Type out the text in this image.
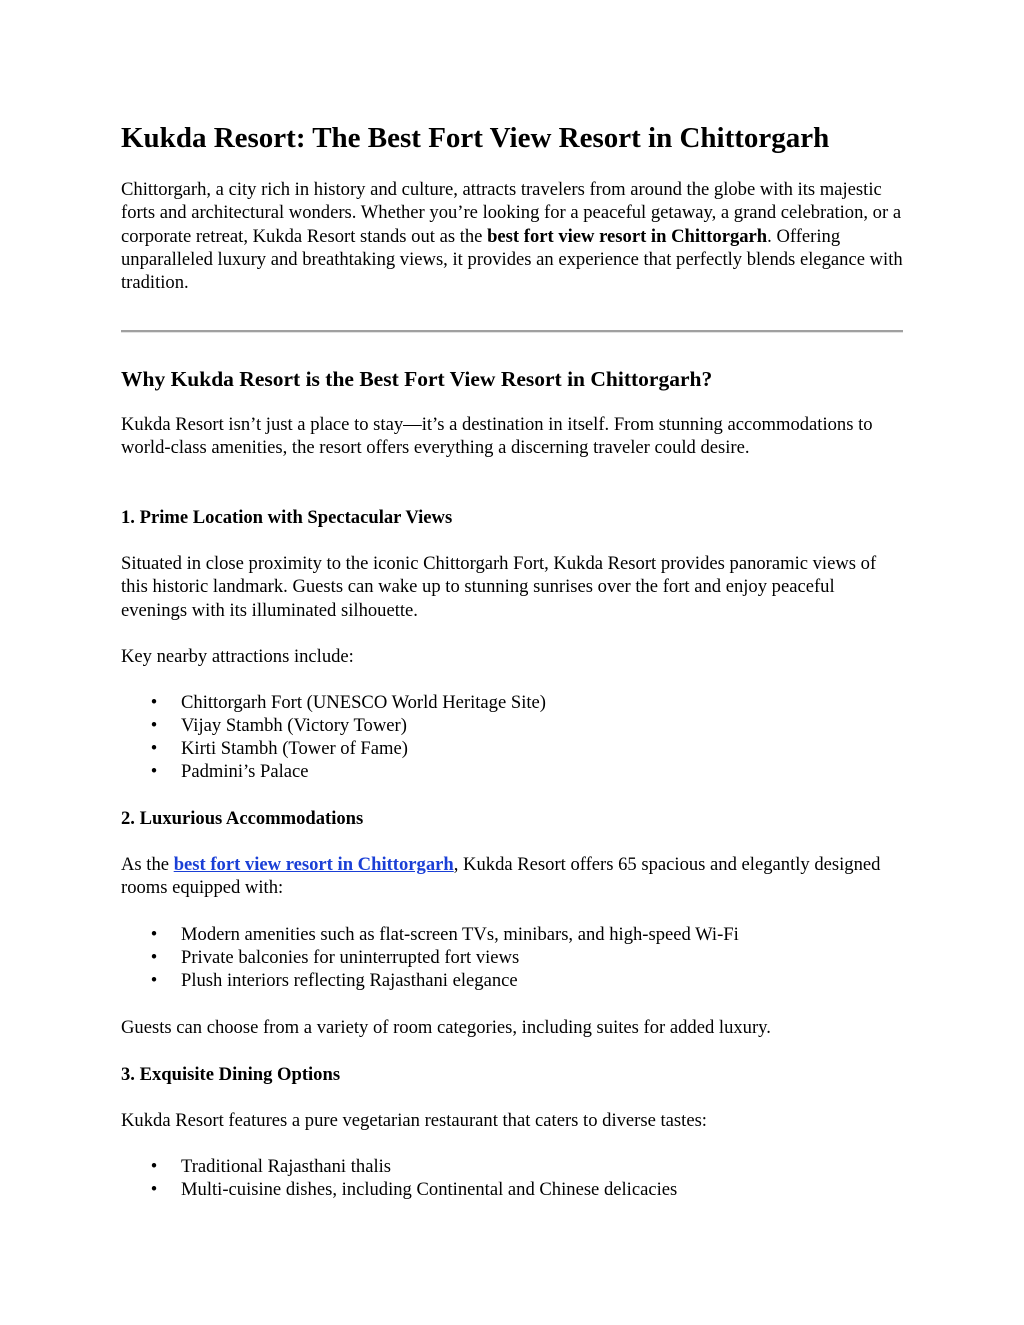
Kukda Resort: The Best Fort View Resort in Chittorgarh

Chittorgarh, a city rich in history and culture, attracts travelers from around the globe with its majestic forts and architectural wonders. Whether you’re looking for a peaceful getaway, a grand celebration, or a corporate retreat, Kukda Resort stands out as the best fort view resort in Chittorgarh. Offering unparalleled luxury and breathtaking views, it provides an experience that perfectly blends elegance with tradition.

Why Kukda Resort is the Best Fort View Resort in Chittorgarh?

Kukda Resort isn’t just a place to stay—it’s a destination in itself. From stunning accommodations to world-class amenities, the resort offers everything a discerning traveler could desire.

1. Prime Location with Spectacular Views

Situated in close proximity to the iconic Chittorgarh Fort, Kukda Resort provides panoramic views of this historic landmark. Guests can wake up to stunning sunrises over the fort and enjoy peaceful evenings with its illuminated silhouette.

Key nearby attractions include:

• Chittorgarh Fort (UNESCO World Heritage Site)
• Vijay Stambh (Victory Tower)
• Kirti Stambh (Tower of Fame)
• Padmini’s Palace
2. Luxurious Accommodations

As the best fort view resort in Chittorgarh, Kukda Resort offers 65 spacious and elegantly designed rooms equipped with:

• Modern amenities such as flat-screen TVs, minibars, and high-speed Wi-Fi
• Private balconies for uninterrupted fort views
• Plush interiors reflecting Rajasthani elegance

Guests can choose from a variety of room categories, including suites for added luxury.

3. Exquisite Dining Options

Kukda Resort features a pure vegetarian restaurant that caters to diverse tastes:

• Traditional Rajasthani thalis
• Multi-cuisine dishes, including Continental and Chinese delicacies
